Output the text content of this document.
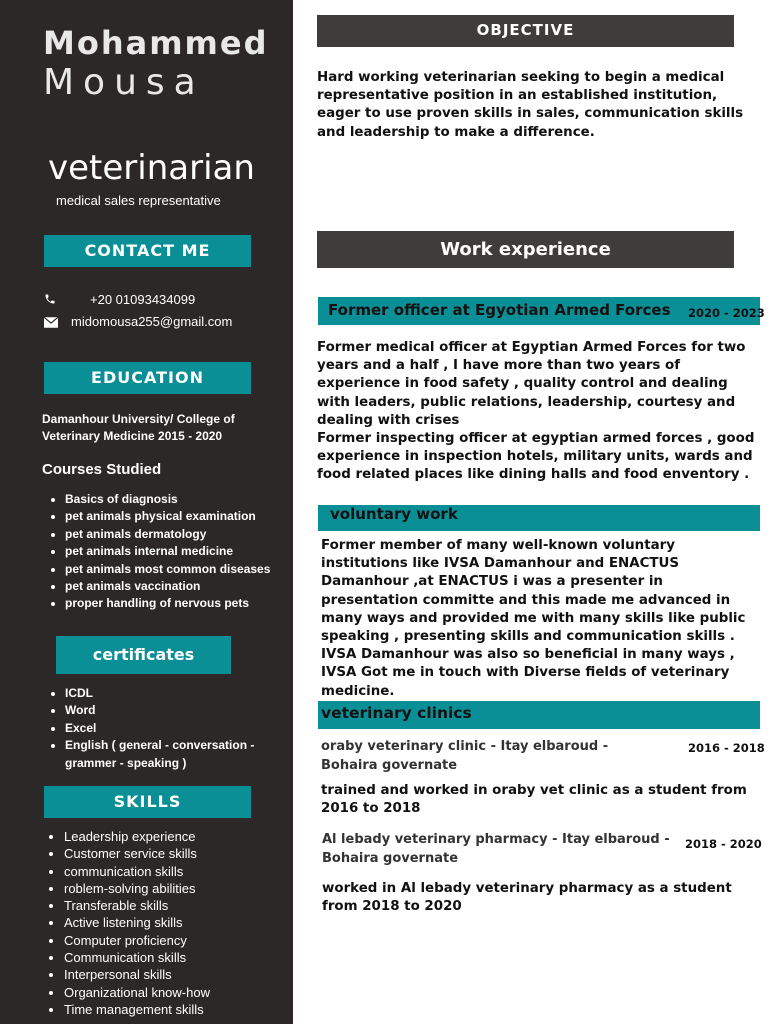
Mohammed
Mousa
veterinarian
medical sales representative
CONTACT ME
+20 01093434099
midomousa255@gmail.com
EDUCATION
Damanhour University/ College of
Veterinary Medicine 2015 - 2020
Courses Studied
• Basics of diagnosis
• pet animals physical examination
• pet animals dermatology
• pet animals internal medicine
• pet animals most common diseases
• pet animals vaccination
• proper handling of nervous pets
certificates
• ICDL
• Word
• Excel
• English ( general - conversation - grammer - speaking )
SKILLS
• Leadership experience
• Customer service skills
• communication skills
• roblem-solving abilities
• Transferable skills
• Active listening skills
• Computer proficiency
• Communication skills
• Interpersonal skills
• Organizational know-how
• Time management skills
OBJECTIVE
Hard working veterinarian seeking to begin a medical representative position in an established institution, eager to use proven skills in sales, communication skills and leadership to make a difference.
Work experience
Former officer at Egyotian Armed Forces 2020 - 2023
Former medical officer at Egyptian Armed Forces for two years and a half , I have more than two years of experience in food safety , quality control and dealing with leaders, public relations, leadership, courtesy and dealing with crises
Former inspecting officer at egyptian armed forces , good experience in inspection hotels, military units, wards and food related places like dining halls and food enventory .
voluntary work
Former member of many well-known voluntary institutions like IVSA Damanhour and ENACTUS Damanhour ,at ENACTUS i was a presenter in presentation committe and this made me advanced in many ways and provided me with many skills like public speaking , presenting skills and communication skills .
IVSA Damanhour was also so beneficial in many ways , IVSA Got me in touch with Diverse fields of veterinary medicine.
veterinary clinics
oraby veterinary clinic - Itay elbaroud - Bohaira governate
2016 - 2018
trained and worked in oraby vet clinic as a student from 2016 to 2018
Al lebady veterinary pharmacy - Itay elbaroud - Bohaira governate
2018 - 2020
worked in Al lebady veterinary pharmacy as a student from 2018 to 2020
